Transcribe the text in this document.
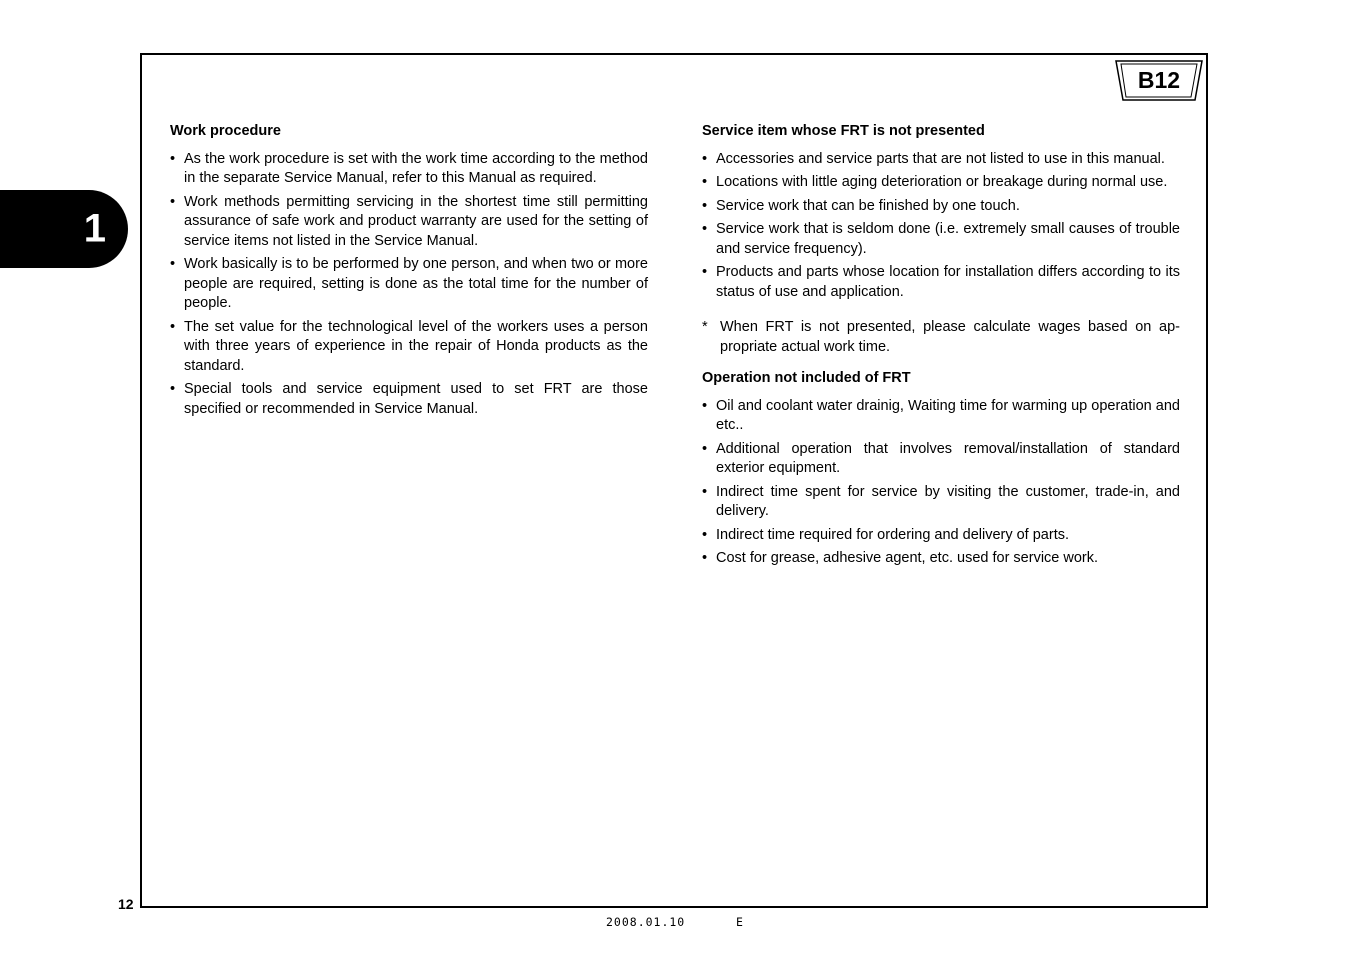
1
B12
Work procedure
• As the work procedure is set with the work time according to the method in the separate Service Manual, refer to this Manual as required.
• Work methods permitting servicing in the shortest time still permitting assurance of safe work and product warranty are used for the setting of service items not listed in the Service Manual.
• Work basically is to be performed by one person, and when two or more people are required, setting is done as the total time for the number of people.
• The set value for the technological level of the workers uses a person with three years of experience in the repair of Honda products as the standard.
• Special tools and service equipment used to set FRT are those specified or recommended in Service Manual.
Service item whose FRT is not presented
• Accessories and service parts that are not listed to use in this manual.
• Locations with little aging deterioration or breakage during normal use.
• Service work that can be finished by one touch.
• Service work that is seldom done (i.e. extremely small causes of trouble and service frequency).
• Products and parts whose location for installation differs according to its status of use and application.
* When FRT is not presented, please calculate wages based on ap-propriate actual work time.
Operation not included of FRT
• Oil and coolant water drainig, Waiting time for warming up operation and etc..
• Additional operation that involves removal/installation of standard exterior equipment.
• Indirect time spent for service by visiting the customer, trade-in, and delivery.
• Indirect time required for ordering and delivery of parts.
• Cost for grease, adhesive agent, etc. used for service work.
12
2008.01.10	E
